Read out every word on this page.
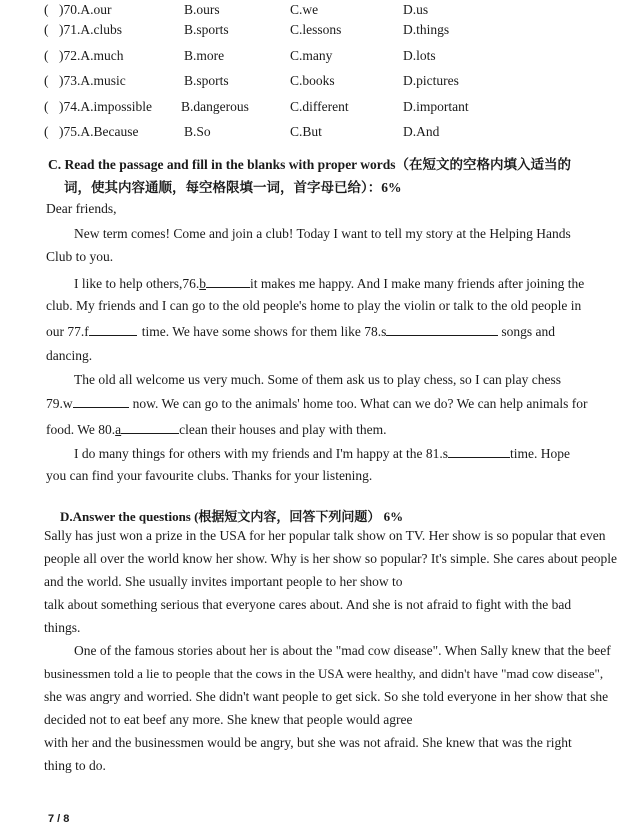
( )70.A.our	B.ours	C.we	D.us
( )71.A.clubs	B.sports	C.lessons	D.things
( )72.A.much	B.more	C.many	D.lots
( )73.A.music	B.sports	C.books	D.pictures
( )74.A.impossible B.dangerous	C.different	D.important
( )75.A.Because	B.So	C.But	D.And
C. Read the passage and fill in the blanks with proper words（在短文的空格内填入适当的
词，使其内容通顺，每空格限填一词，首字母已给）：6%
Dear friends,
New term comes! Come and join a club! Today I want to tell my story at the Helping Hands
Club to you.
I like to help others,76.b	it makes me happy. And I make many friends after joining the
club. My friends and I can go to the old people's home to play the violin or talk to the old people in
our 77.f	time. We have some shows for them like 78.s	songs and
dancing.
The old all welcome us very much. Some of them ask us to play chess, so I can play chess
79.w	now. We can go to the animals' home too. What can we do? We can help animals for
food. We 80.a	clean their houses and play with them.
I do many things for others with my friends and I'm happy at the 81.s	time. Hope
you can find your favourite clubs. Thanks for your listening.
D.Answer the questions (根据短文内容，回答下列问题） 6%
Sally has just won a prize in the USA for her popular talk show on TV. Her show is so popular that even
people all over the world know her show. Why is her show so popular? It's simple. She cares about people
and the world. She usually invites important people to her show to
talk about something serious that everyone cares about. And she is not afraid to fight with the bad
things.
One of the famous stories about her is about the "mad cow disease". When Sally knew that the beef
businessmen told a lie to people that the cows in the USA were healthy, and didn't have "mad cow disease",
she was angry and worried. She didn't want people to get sick. So she told everyone in her show that she
decided not to eat beef any more. She knew that people would agree
with her and the businessmen would be angry, but she was not afraid. She knew that was the right
thing to do.
7 / 8
